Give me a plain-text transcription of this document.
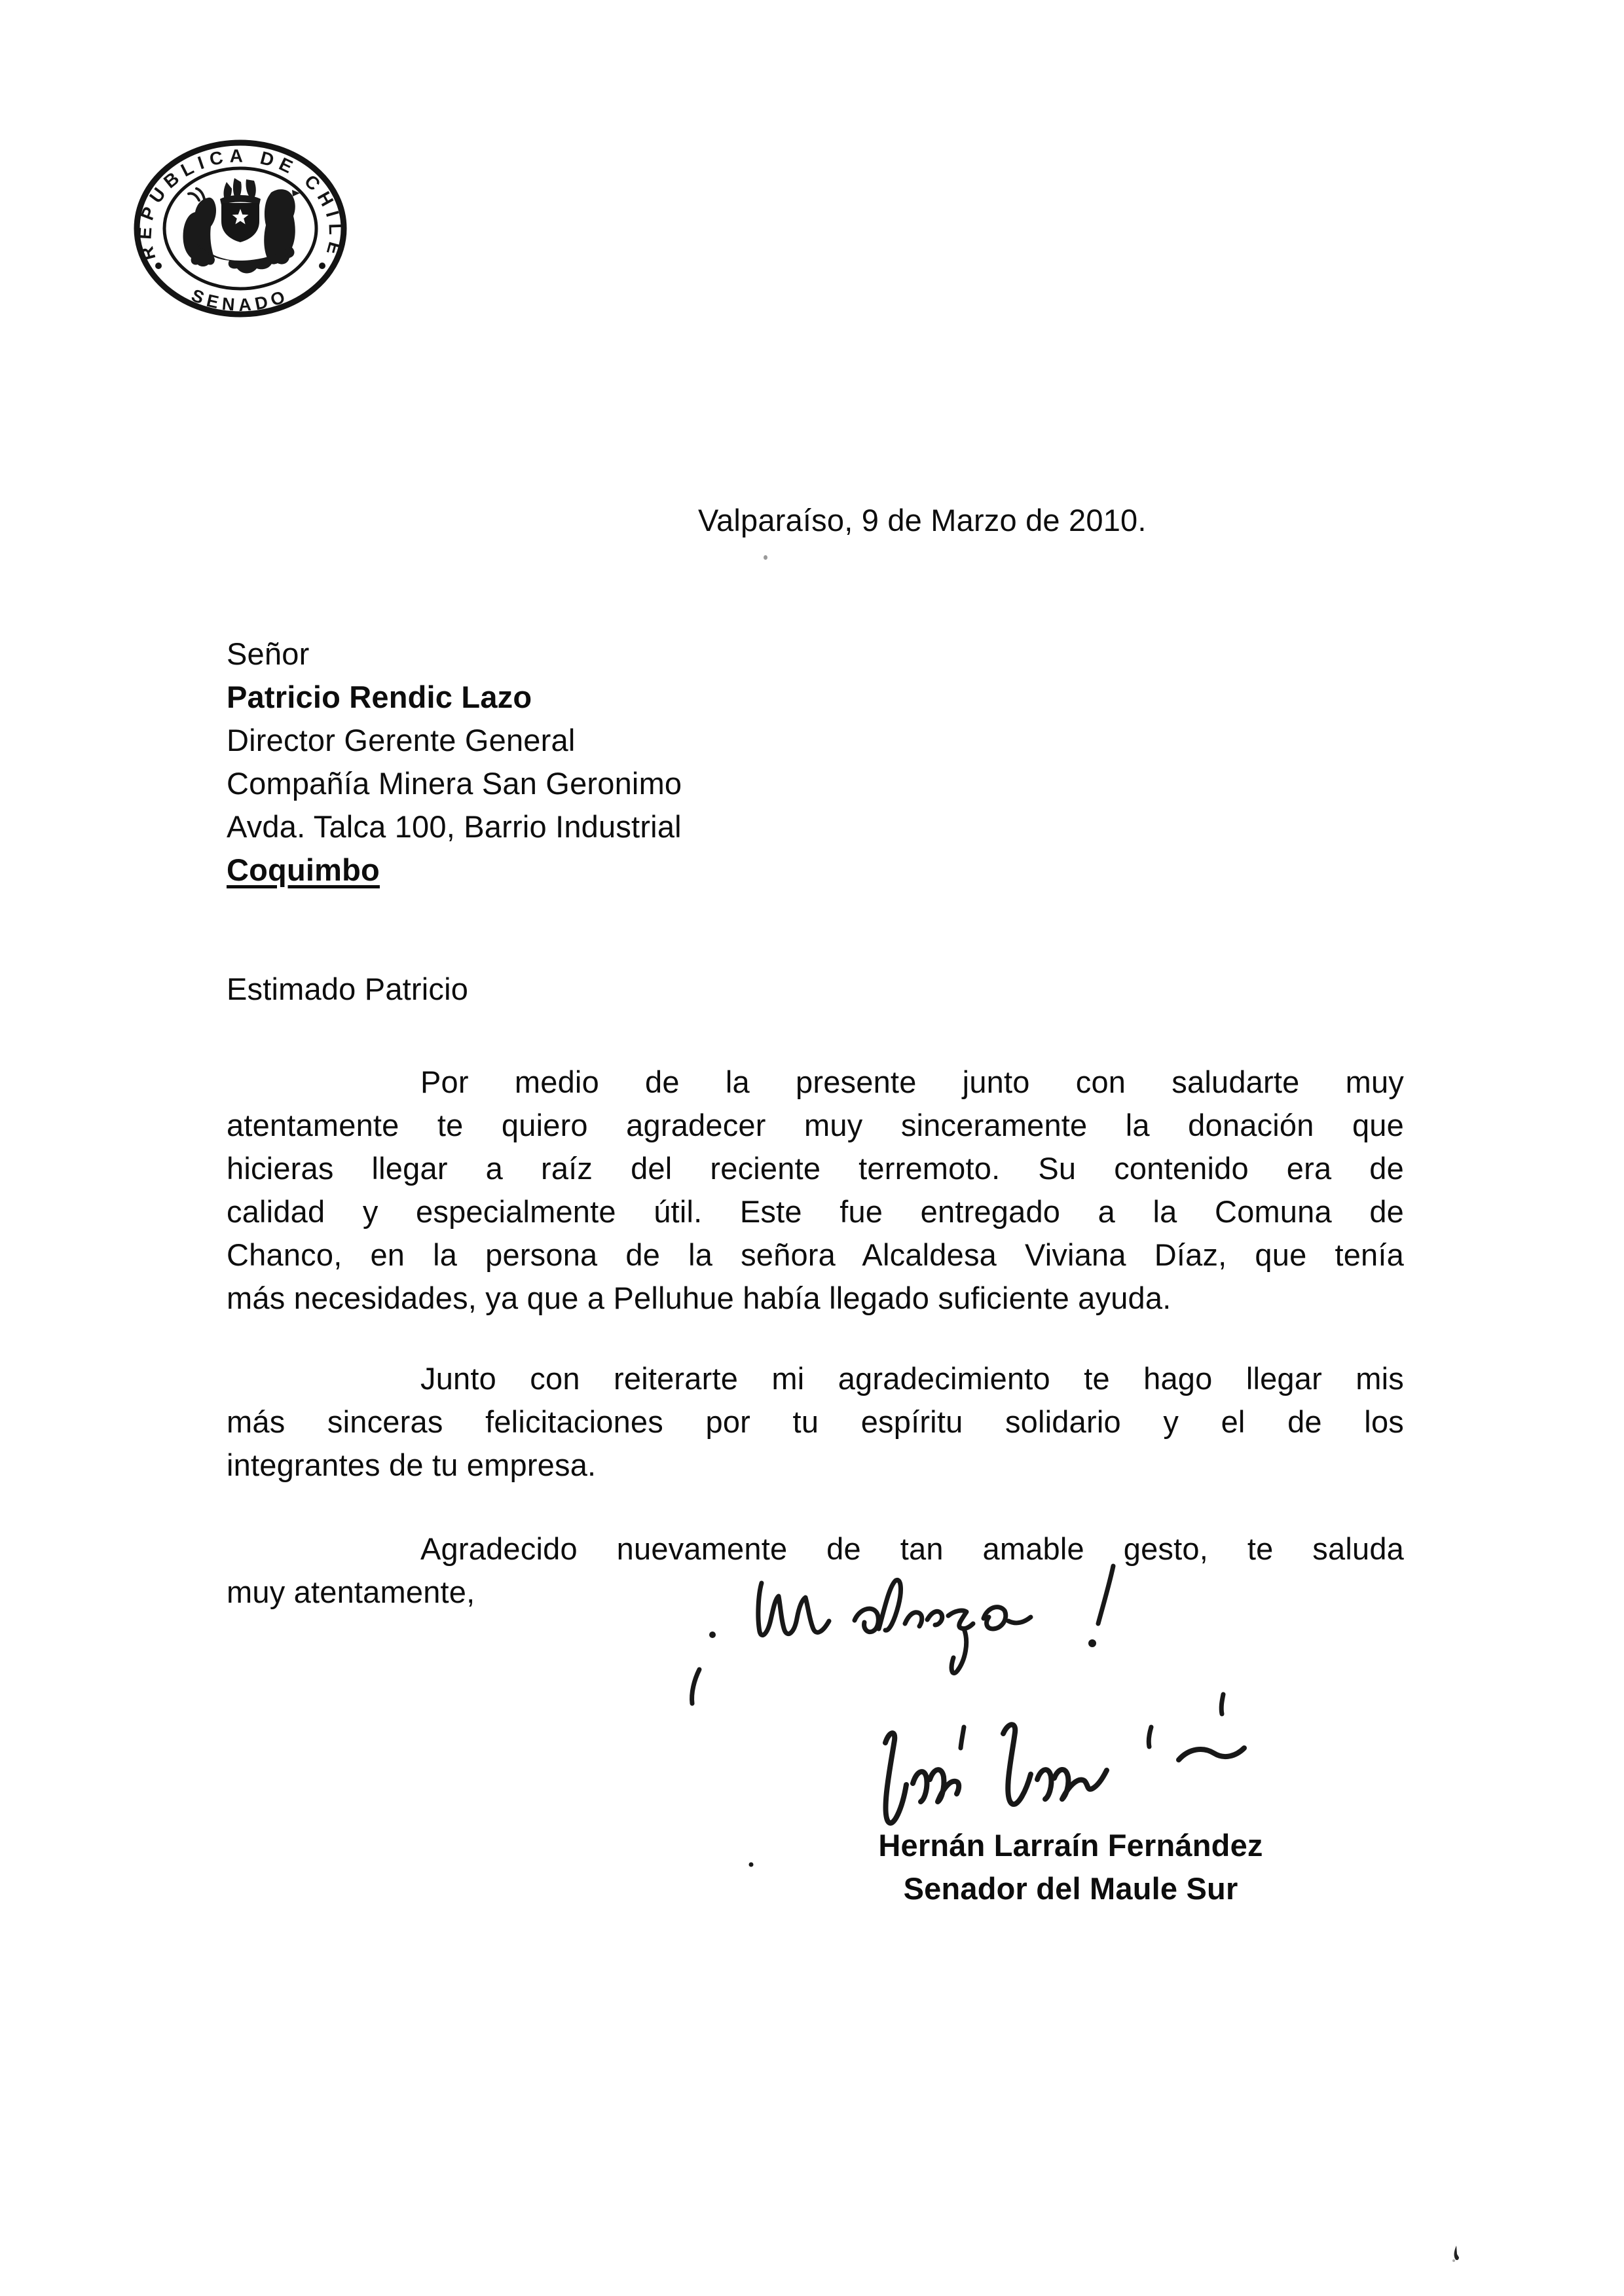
REPUBLICA DE CHILE
SENADO
Valparaíso, 9 de Marzo de 2010.
Señor
Patricio Rendic Lazo
Director Gerente General
Compañía Minera San Geronimo
Avda. Talca 100, Barrio Industrial
Coquimbo
Estimado Patricio
Por medio de la presente junto con saludarte muy
atentamente te quiero agradecer muy sinceramente la donación que
hicieras llegar a raíz del reciente terremoto. Su contenido era de
calidad y especialmente útil. Este fue entregado a la Comuna de
Chanco, en la persona de la señora Alcaldesa Viviana Díaz, que tenía
más necesidades, ya que a Pelluhue había llegado suficiente ayuda.
Junto con reiterarte mi agradecimiento te hago llegar mis
más sinceras felicitaciones por tu espíritu solidario y el de los
integrantes de tu empresa.
Agradecido nuevamente de tan amable gesto, te saluda
muy atentamente,
Hernán Larraín Fernández
Senador del Maule Sur
